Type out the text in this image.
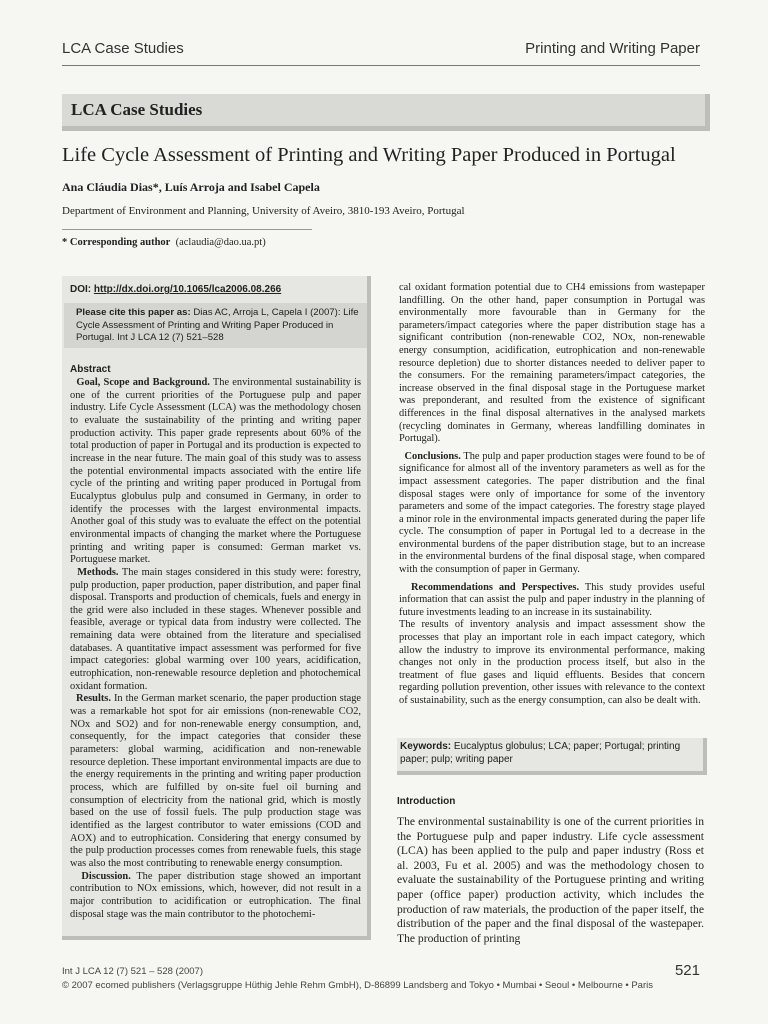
LCA Case Studies	Printing and Writing Paper
LCA Case Studies
Life Cycle Assessment of Printing and Writing Paper Produced in Portugal
Ana Cláudia Dias*, Luís Arroja and Isabel Capela
Department of Environment and Planning, University of Aveiro, 3810-193 Aveiro, Portugal
* Corresponding author (aclaudia@dao.ua.pt)
DOI: http://dx.doi.org/10.1065/lca2006.08.266
Please cite this paper as: Dias AC, Arroja L, Capela I (2007): Life Cycle Assessment of Printing and Writing Paper Produced in Portugal. Int J LCA 12 (7) 521–528
Abstract

Goal, Scope and Background. The environmental sustainability is one of the current priorities of the Portuguese pulp and paper industry. Life Cycle Assessment (LCA) was the methodology chosen to evaluate the sustainability of the printing and writing paper production activity. This paper grade represents about 60% of the total production of paper in Portugal and its production is expected to increase in the near future. The main goal of this study was to assess the potential environmental impacts associated with the entire life cycle of the printing and writing paper produced in Portugal from Eucalyptus globulus pulp and consumed in Germany, in order to identify the processes with the largest environmental impacts. Another goal of this study was to evaluate the effect on the potential environmental impacts of changing the market where the Portuguese printing and writing paper is consumed: German market vs. Portuguese market.

Methods. The main stages considered in this study were: forestry, pulp production, paper production, paper distribution, and paper final disposal. Transports and production of chemicals, fuels and energy in the grid were also included in these stages. Whenever possible and feasible, average or typical data from industry were collected. The remaining data were obtained from the literature and specialised databases. A quantitative impact assessment was performed for five impact categories: global warming over 100 years, acidification, eutrophication, non-renewable resource depletion and photochemical oxidant formation.

Results. In the German market scenario, the paper production stage was a remarkable hot spot for air emissions (non-renewable CO2, NOx and SO2) and for non-renewable energy consumption, and, consequently, for the impact categories that consider these parameters: global warming, acidification and non-renewable resource depletion. These important environmental impacts are due to the energy requirements in the printing and writing paper production process, which are fulfilled by on-site fuel oil burning and consumption of electricity from the national grid, which is mostly based on the use of fossil fuels. The pulp production stage was identified as the largest contributor to water emissions (COD and AOX) and to eutrophication. Considering that energy consumed by the pulp production processes comes from renewable fuels, this stage was also the most contributing to renewable energy consumption.

Discussion. The paper distribution stage showed an important contribution to NOx emissions, which, however, did not result in a major contribution to acidification or eutrophication. The final disposal stage was the main contributor to the photochemi-

cal oxidant formation potential due to CH4 emissions from wastepaper landfilling. On the other hand, paper consumption in Portugal was environmentally more favourable than in Germany for the parameters/impact categories where the paper distribution stage has a significant contribution (non-renewable CO2, NOx, non-renewable energy consumption, acidification, eutrophication and non-renewable resource depletion) due to shorter distances needed to deliver paper to the consumers. For the remaining parameters/impact categories, the increase observed in the final disposal stage in the Portuguese market was preponderant, and resulted from the existence of significant differences in the final disposal alternatives in the analysed markets (recycling dominates in Germany, whereas landfilling dominates in Portugal).

Conclusions. The pulp and paper production stages were found to be of significance for almost all of the inventory parameters as well as for the impact assessment categories. The paper distribution and the final disposal stages were only of importance for some of the inventory parameters and some of the impact categories. The forestry stage played a minor role in the environmental impacts generated during the paper life cycle. The consumption of paper in Portugal led to a decrease in the environmental burdens of the paper distribution stage, but to an increase in the environmental burdens of the final disposal stage, when compared with the consumption of paper in Germany.

Recommendations and Perspectives. This study provides useful information that can assist the pulp and paper industry in the planning of future investments leading to an increase in its sustainability.

The results of inventory analysis and impact assessment show the processes that play an important role in each impact category, which allow the industry to improve its environmental performance, making changes not only in the production process itself, but also in the treatment of flue gases and liquid effluents. Besides that concern regarding pollution prevention, other issues with relevance to the context of sustainability, such as the energy consumption, can also be dealt with.

Keywords: Eucalyptus globulus; LCA; paper; Portugal; printing paper; pulp; writing paper
Introduction
The environmental sustainability is one of the current priorities in the Portuguese pulp and paper industry. Life cycle assessment (LCA) has been applied to the pulp and paper industry (Ross et al. 2003, Fu et al. 2005) and was the methodology chosen to evaluate the sustainability of the Portuguese printing and writing paper (office paper) production activity, which includes the production of raw materials, the production of the paper itself, the distribution of the paper and the final disposal of the wastepaper. The production of printing
Int J LCA 12 (7) 521 – 528 (2007)
© 2007 ecomed publishers (Verlagsgruppe Hüthig Jehle Rehm GmbH), D-86899 Landsberg and Tokyo • Mumbai • Seoul • Melbourne • Paris
521
